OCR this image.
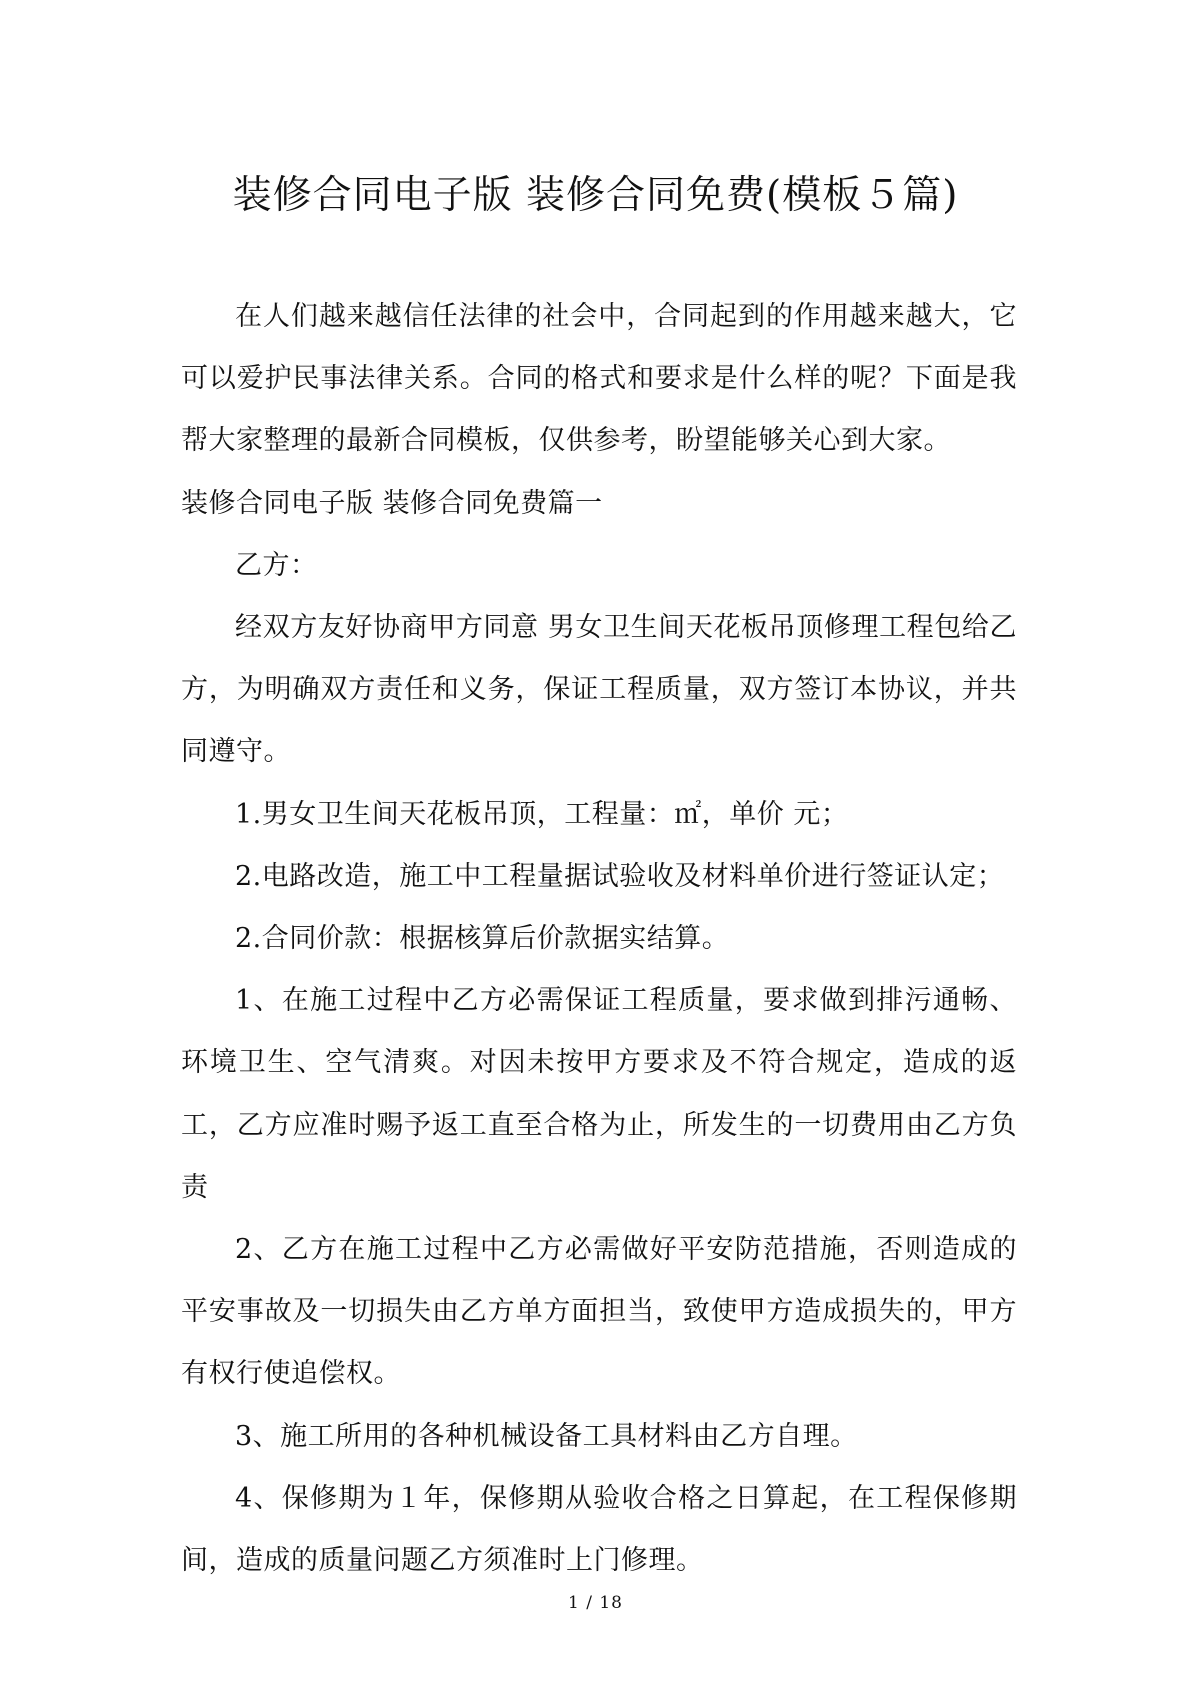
装修合同电子版 装修合同免费(模板５篇)

在人们越来越信任法律的社会中，合同起到的作用越来越大，它可以爱护民事法律关系。合同的格式和要求是什么样的呢？下面是我帮大家整理的最新合同模板，仅供参考，盼望能够关心到大家。

装修合同电子版 装修合同免费篇一

乙方：

经双方友好协商甲方同意 男女卫生间天花板吊顶修理工程包给乙方，为明确双方责任和义务，保证工程质量，双方签订本协议，并共同遵守。

1.男女卫生间天花板吊顶，工程量：㎡，单价 元；

2.电路改造，施工中工程量据试验收及材料单价进行签证认定；

2.合同价款：根据核算后价款据实结算。

1、在施工过程中乙方必需保证工程质量，要求做到排污通畅、环境卫生、空气清爽。对因未按甲方要求及不符合规定，造成的返工，乙方应准时赐予返工直至合格为止，所发生的一切费用由乙方负责

2、乙方在施工过程中乙方必需做好平安防范措施，否则造成的平安事故及一切损失由乙方单方面担当，致使甲方造成损失的，甲方有权行使追偿权。

3、施工所用的各种机械设备工具材料由乙方自理。

4、保修期为１年，保修期从验收合格之日算起，在工程保修期间，造成的质量问题乙方须准时上门修理。

1 / 18
